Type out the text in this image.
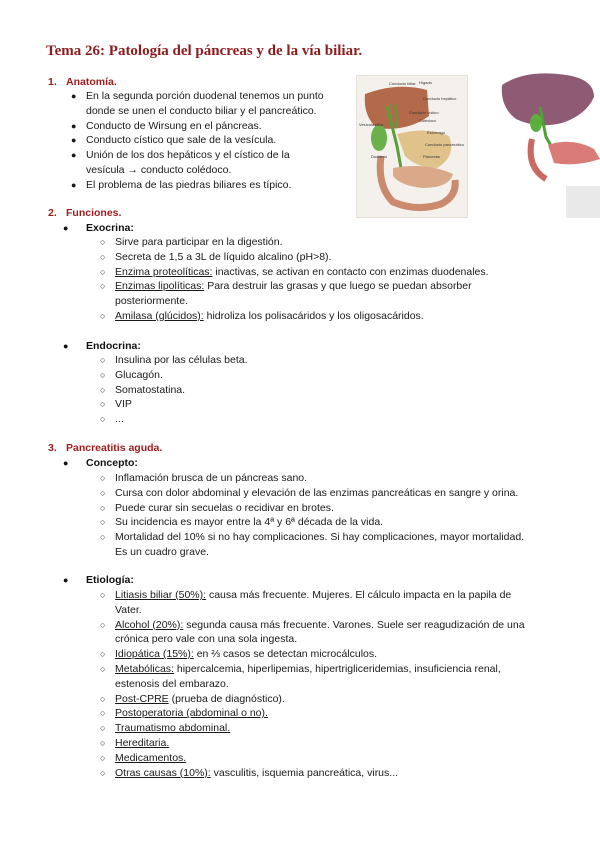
Tema 26: Patología del páncreas y de la vía biliar.
1. Anatomía.
● En la segunda porción duodenal tenemos un punto
donde se unen el conducto biliar y el pancreático.
● Conducto de Wirsung en el páncreas.
● Conducto cístico que sale de la vesícula.
● Unión de los dos hepáticos y el cístico de la
vesícula → conducto colédoco.
● El problema de las piedras biliares es típico.
Conducto biliar Hígado
Conducto hepático
Vesícula biliar
Conducto cístico
Colédoco
Estómago
Páncreas
Duodeno
Conducto pancreático
2. Funciones.
● Exocrina:
○ Sirve para participar en la digestión.
○ Secreta de 1,5 a 3L de líquido alcalino (pH>8).
○ Enzima proteolíticas: inactivas, se activan en contacto con enzimas duodenales.
○ Enzimas lipolíticas: Para destruir las grasas y que luego se puedan absorber
posteriormente.
○ Amilasa (glúcidos): hidroliza los polisacáridos y los oligosacáridos.
● Endocrina:
○ Insulina por las células beta.
○ Glucagón.
○ Somatostatina.
○ VIP
○ ...
3. Pancreatitis aguda.
● Concepto:
○ Inflamación brusca de un páncreas sano.
○ Cursa con dolor abdominal y elevación de las enzimas pancreáticas en sangre y orina.
○ Puede curar sin secuelas o recidivar en brotes.
○ Su incidencia es mayor entre la 4ª y 6ª década de la vida.
○ Mortalidad del 10% si no hay complicaciones. Si hay complicaciones, mayor mortalidad.
Es un cuadro grave.
● Etiología:
○ Litiasis biliar (50%): causa más frecuente. Mujeres. El cálculo impacta en la papila de
Vater.
○ Alcohol (20%): segunda causa más frecuente. Varones. Suele ser reagudización de una
crónica pero vale con una sola ingesta.
○ Idiopática (15%): en ⅔ casos se detectan microcálculos.
○ Metabólicas: hipercalcemia, hiperlipemias, hipertrigliceridemias, insuficiencia renal,
estenosis del embarazo.
○ Post-CPRE (prueba de diagnóstico).
○ Postoperatoria (abdominal o no).
○ Traumatismo abdominal.
○ Hereditaria.
○ Medicamentos.
○ Otras causas (10%): vasculitis, isquemia pancreática, virus...
